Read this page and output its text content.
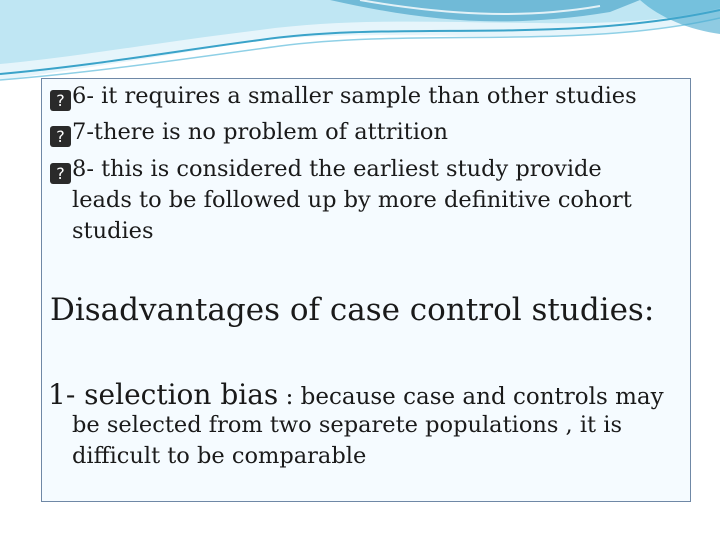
? 6- it requires a smaller sample than other studies
? 7-there is no problem of attrition
? 8- this is considered the earliest study provide
leads to be followed up by more definitive cohort
studies
Disadvantages of case control studies:
1- selection bias : because case and controls may
be selected from two separete populations , it is
difficult to be comparable
